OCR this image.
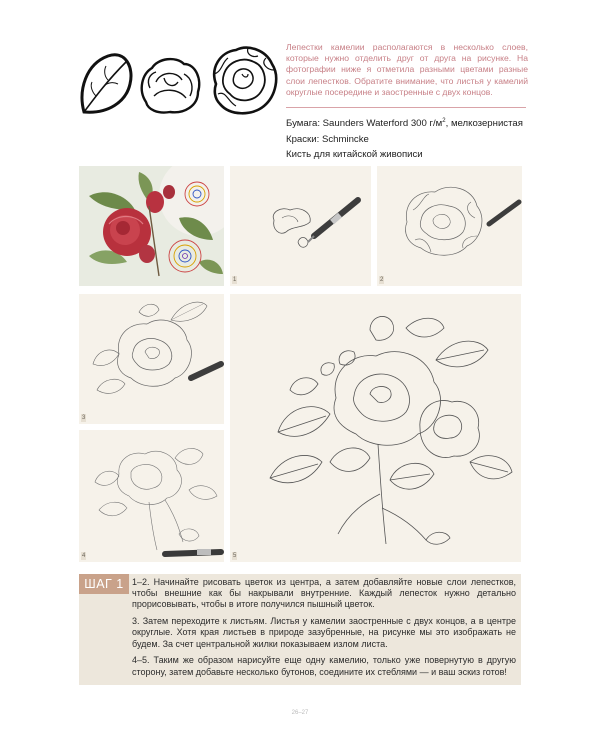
Лепестки камелии располагаются в несколько слоев, которые нужно отделить друг от друга на рисунке. На фотографии ниже я отметила разными цветами разные слои лепестков. Обратите внимание, что листья у камелий округлые посередине и заостренные с двух концов.

Бумага: Saunders Waterford 300 $г/м^2$, мелкозернистая
Краски: Schmincke
Кисть для китайской живописи
1	2
3
4	5
ШАГ 1 1–2. Начинайте рисовать цветок из центра, а затем добавляйте новые слои лепестков, чтобы внешние как бы накрывали внутренние. Каждый лепесток нужно детально прорисовывать, чтобы в итоге получился пышный цветок.

3. Затем переходите к листьям. Листья у камелии заостренные с двух концов, а в центре округлые. Хотя края листьев в природе зазубренные, на рисунке мы это изображать не будем. За счет центральной жилки показываем излом листа.

4–5. Таким же образом нарисуйте еще одну камелию, только уже повернутую в другую сторону, затем добавьте несколько бутонов, соедините их стеблями — и ваш эскиз готов!

26–27
